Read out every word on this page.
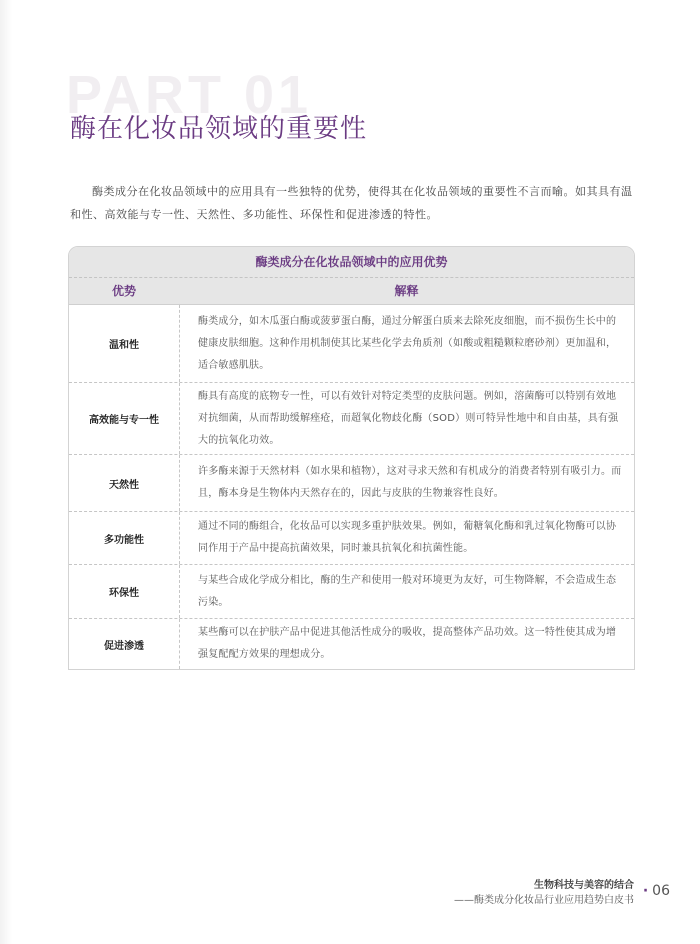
PART 01
酶在化妆品领域的重要性

酶类成分在化妆品领域中的应用具有一些独特的优势，使得其在化妆品领域的重要性不言而喻。如其具有温和性、高效能与专一性、天然性、多功能性、环保性和促进渗透的特性。

酶类成分在化妆品领域中的应用优势
优势	解释
温和性
酶类成分，如木瓜蛋白酶或菠萝蛋白酶，通过分解蛋白质来去除死皮细胞，而不损伤生长中的健康皮肤细胞。这种作用机制使其比某些化学去角质剂（如酸或粗糙颗粒磨砂剂）更加温和，适合敏感肌肤。
高效能与专一性
酶具有高度的底物专一性，可以有效针对特定类型的皮肤问题。例如，溶菌酶可以特别有效地对抗细菌，从而帮助缓解痤疮，而超氧化物歧化酶（SOD）则可特异性地中和自由基，具有强大的抗氧化功效。
天然性
许多酶来源于天然材料（如水果和植物），这对寻求天然和有机成分的消费者特别有吸引力。而且，酶本身是生物体内天然存在的，因此与皮肤的生物兼容性良好。
多功能性
通过不同的酶组合，化妆品可以实现多重护肤效果。例如，葡糖氧化酶和乳过氧化物酶可以协同作用于产品中提高抗菌效果，同时兼具抗氧化和抗菌性能。
环保性
与某些合成化学成分相比，酶的生产和使用一般对环境更为友好，可生物降解，不会造成生态污染。
促进渗透
某些酶可以在护肤产品中促进其他活性成分的吸收，提高整体产品功效。这一特性使其成为增强复配配方效果的理想成分。
生物科技与美容的结合
——酶类成分化妆品行业应用趋势白皮书
· 06
